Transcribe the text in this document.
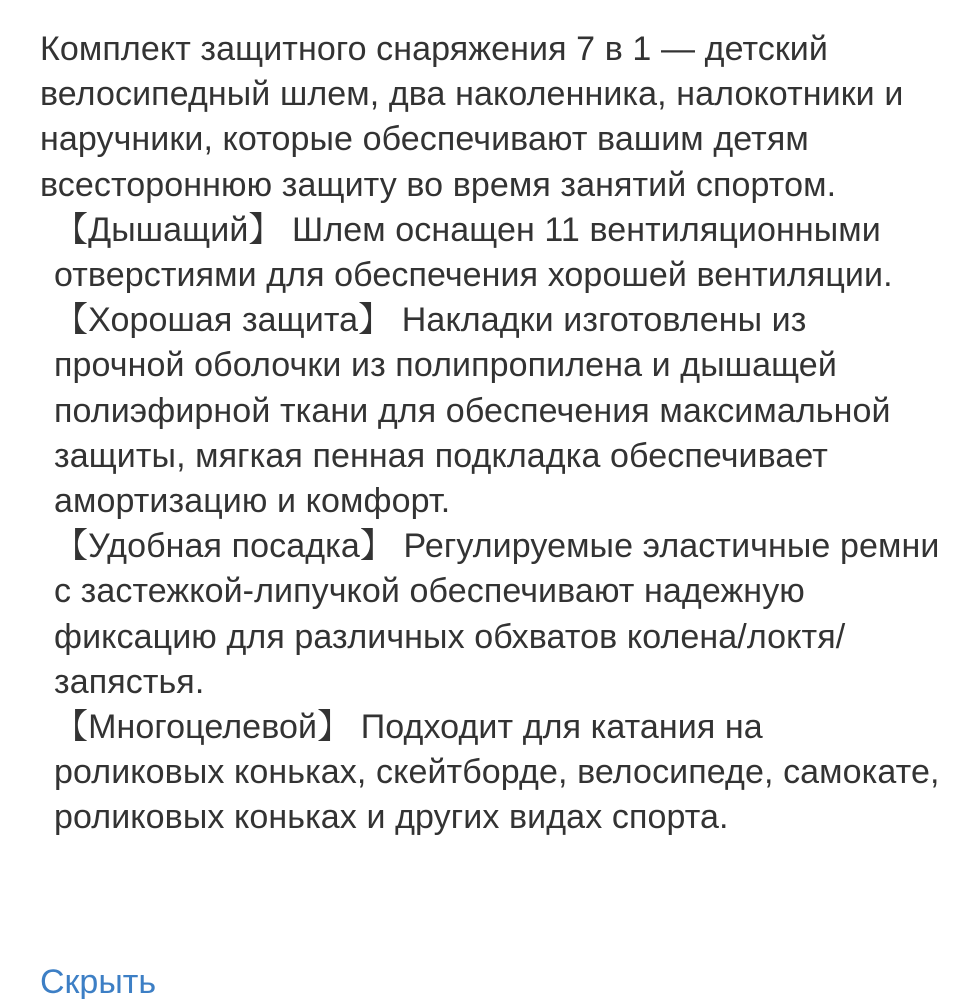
Комплект защитного снаряжения 7 в 1 — детский велосипедный шлем, два наколенника, налокотники и наручники, которые обеспечивают вашим детям всестороннюю защиту во время занятий спортом.
【Дышащий】 Шлем оснащен 11 вентиляционными отверстиями для обеспечения хорошей вентиляции.
【Хорошая защита】 Накладки изготовлены из прочной оболочки из полипропилена и дышащей полиэфирной ткани для обеспечения максимальной защиты, мягкая пенная подкладка обеспечивает амортизацию и комфорт.
【Удобная посадка】 Регулируемые эластичные ремни с застежкой-липучкой обеспечивают надежную фиксацию для различных обхватов колена/локтя/запястья.
【Многоцелевой】 Подходит для катания на роликовых коньках, скейтборде, велосипеде, самокате, роликовых коньках и других видах спорта.
Скрыть
